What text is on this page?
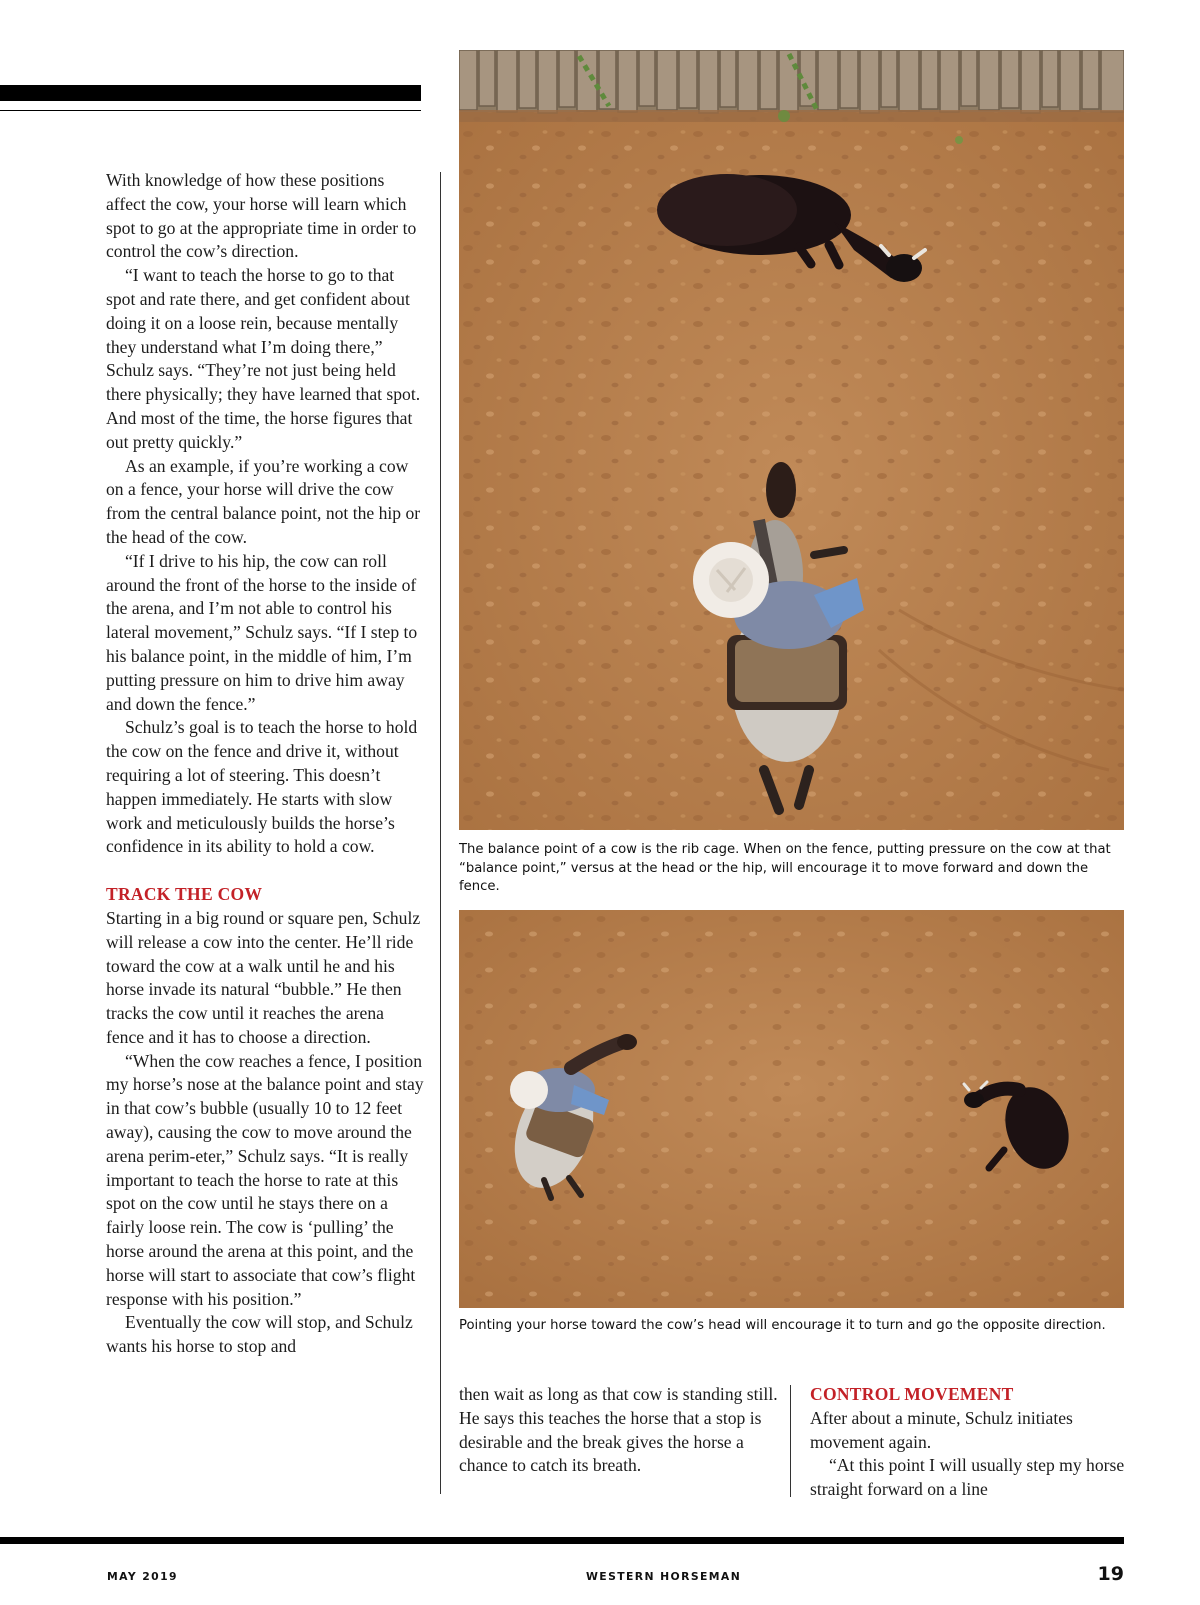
With knowledge of how these positions affect the cow, your horse will learn which spot to go at the appropriate time in order to control the cow’s direction.

“I want to teach the horse to go to that spot and rate there, and get confident about doing it on a loose rein, because mentally they understand what I’m doing there,” Schulz says. “They’re not just being held there physically; they have learned that spot. And most of the time, the horse figures that out pretty quickly.”

As an example, if you’re working a cow on a fence, your horse will drive the cow from the central balance point, not the hip or the head of the cow.

“If I drive to his hip, the cow can roll around the front of the horse to the inside of the arena, and I’m not able to control his lateral movement,” Schulz says. “If I step to his balance point, in the middle of him, I’m putting pressure on him to drive him away and down the fence.”

Schulz’s goal is to teach the horse to hold the cow on the fence and drive it, without requiring a lot of steering. This doesn’t happen immediately. He starts with slow work and meticulously builds the horse’s confidence in its ability to hold a cow.

TRACK THE COW

Starting in a big round or square pen, Schulz will release a cow into the center. He’ll ride toward the cow at a walk until he and his horse invade its natural “bubble.” He then tracks the cow until it reaches the arena fence and it has to choose a direction.

“When the cow reaches a fence, I position my horse’s nose at the balance point and stay in that cow’s bubble (usually 10 to 12 feet away), causing the cow to move around the arena perim-eter,” Schulz says. “It is really important to teach the horse to rate at this spot on the cow until he stays there on a fairly loose rein. The cow is ‘pulling’ the horse around the arena at this point, and the horse will start to associate that cow’s flight response with his position.”

Eventually the cow will stop, and Schulz wants his horse to stop and

The balance point of a cow is the rib cage. When on the fence, putting pressure on the cow at that “balance point,” versus at the head or the hip, will encourage it to move forward and down the fence.
Pointing your horse toward the cow’s head will encourage it to turn and go the opposite direction.

then wait as long as that cow is standing still. He says this teaches the horse that a stop is desirable and the break gives the horse a chance to catch its breath.

CONTROL MOVEMENT

After about a minute, Schulz initiates movement again.

“At this point I will usually step my horse straight forward on a line

MAY 2019	WESTERN HORSEMAN	19
